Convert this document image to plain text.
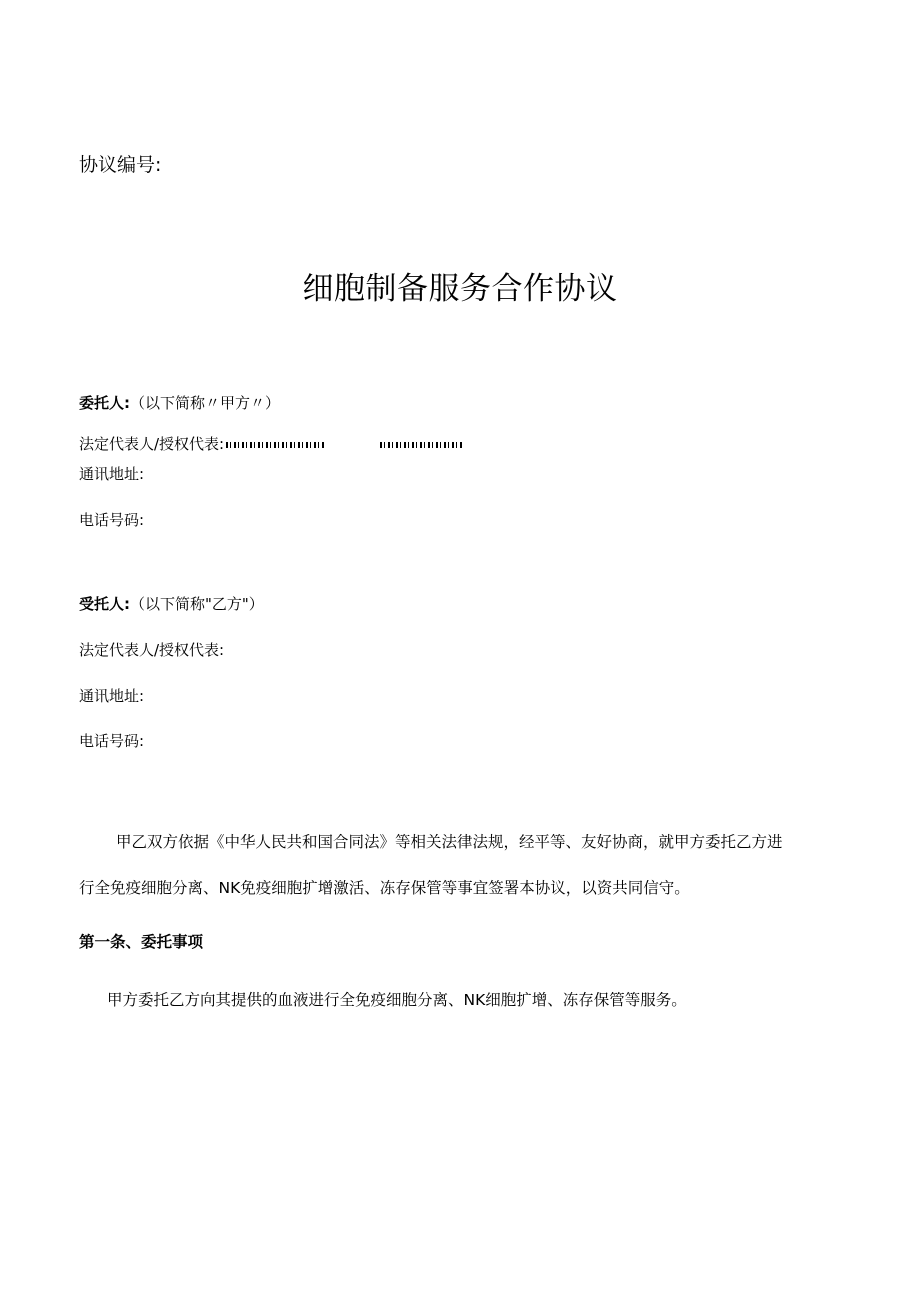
协议编号:
细胞制备服务合作协议
委托人:（以下简称〃甲方〃）
法定代表人/授权代表:
通讯地址:
电话号码:
受托人:（以下简称"乙方"）
法定代表人/授权代表:
通讯地址:
电话号码:
甲乙双方依据《中华人民共和国合同法》等相关法律法规，经平等、友好协商，就甲方委托乙方进
行全免疫细胞分离、NK免疫细胞扩增激活、冻存保管等事宜签署本协议，以资共同信守。
第一条、委托事项
甲方委托乙方向其提供的血液进行全免疫细胞分离、NK细胞扩增、冻存保管等服务。
